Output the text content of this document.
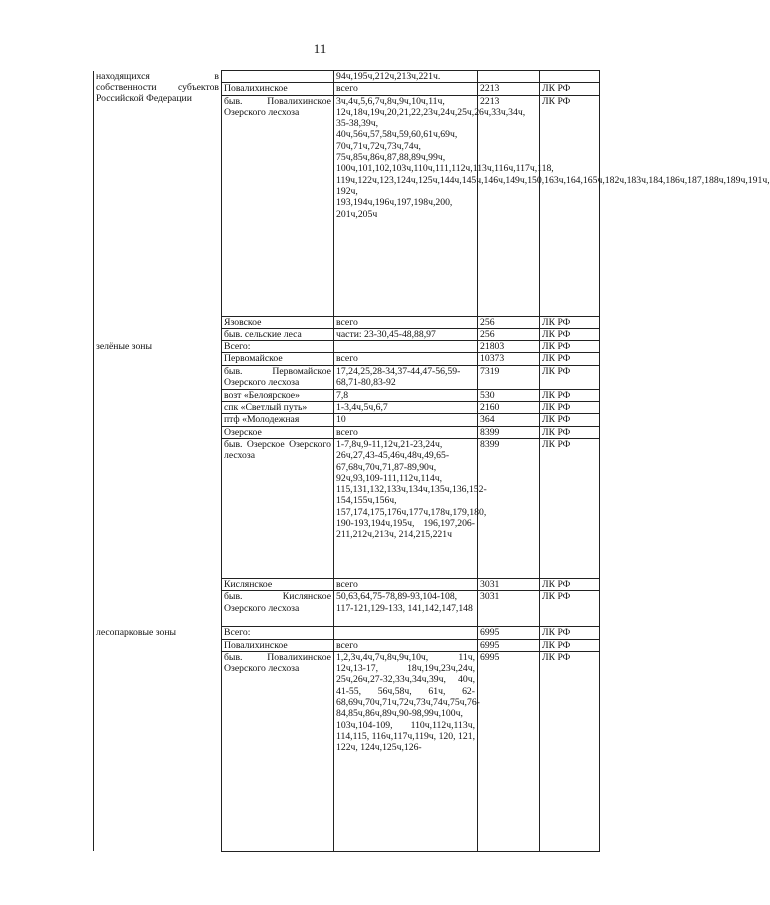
11
находящихся в собственности субъектов Российской Федерации		94ч,195ч,212ч,213ч,221ч.		
	Повалихинское	всего	2213	ЛК РФ
	быв. Повалихинское Озерского лесхоза	3ч,4ч,5,6,7ч,8ч,9ч,10ч,11ч, 12ч,18ч,19ч,20,21,22,23ч,24ч,25ч,26ч,33ч,34ч, 35-38,39ч, 40ч,56ч,57,58ч,59,60,61ч,69ч, 70ч,71ч,72ч,73ч,74ч, 75ч,85ч,86ч,87,88,89ч,99ч, 100ч,101,102,103ч,110ч,111,112ч,113ч,116ч,117ч,118, 119ч,122ч,123,124ч,125ч,144ч,145ч,146ч,149ч,150,163ч,164,165ч,182ч,183ч,184,186ч,187,188ч,189ч,191ч, 192ч, 193,194ч,196ч,197,198ч,200, 201ч,205ч	2213	ЛК РФ
	Язовское	всего	256	ЛК РФ
	быв. сельские леса	части: 23-30,45-48,88,97	256	ЛК РФ
зелёные зоны	Всего:		21803	ЛК РФ
	Первомайское	всего	10373	ЛК РФ
	быв. Первомайское Озерского лесхоза	17,24,25,28-34,37-44,47-56,59-68,71-80,83-92	7319	ЛК РФ
	возт «Белоярское»	7,8	530	ЛК РФ
	спк «Светлый путь»	1-3,4ч,5ч,6,7	2160	ЛК РФ
	птф «Молодежная	10	364	ЛК РФ
	Озерское	всего	8399	ЛК РФ
	быв. Озерское Озерского лесхоза	1-7,8ч,9-11,12ч,21-23,24ч, 26ч,27,43-45,46ч,48ч,49,65-67,68ч,70ч,71,87-89,90ч, 92ч,93,109-111,112ч,114ч, 115,131,132,133ч,134ч,135ч,136,152-154,155ч,156ч, 157,174,175,176ч,177ч,178ч,179,180, 190-193,194ч,195ч, 196,197,206-211,212ч,213ч, 214,215,221ч	8399	ЛК РФ
	Кислянское	всего	3031	ЛК РФ
	быв. Кислянское Озерского лесхоза	50,63,64,75-78,89-93,104-108, 117-121,129-133, 141,142,147,148	3031	ЛК РФ
лесопарковые зоны	Всего:		6995	ЛК РФ
	Повалихинское	всего	6995	ЛК РФ
	быв. Повалихинское Озерского лесхоза	1,2,3ч,4ч,7ч,8ч,9ч,10ч, 11ч, 12ч,13-17, 18ч,19ч,23ч,24ч, 25ч,26ч,27-32,33ч,34ч,39ч, 40ч, 41-55, 56ч,58ч, 61ч, 62-68,69ч,70ч,71ч,72ч,73ч,74ч,75ч,76-84,85ч,86ч,89ч,90-98,99ч,100ч, 103ч,104-109, 110ч,112ч,113ч, 114,115, 116ч,117ч,119ч, 120, 121, 122ч, 124ч,125ч,126-	6995	ЛК РФ
